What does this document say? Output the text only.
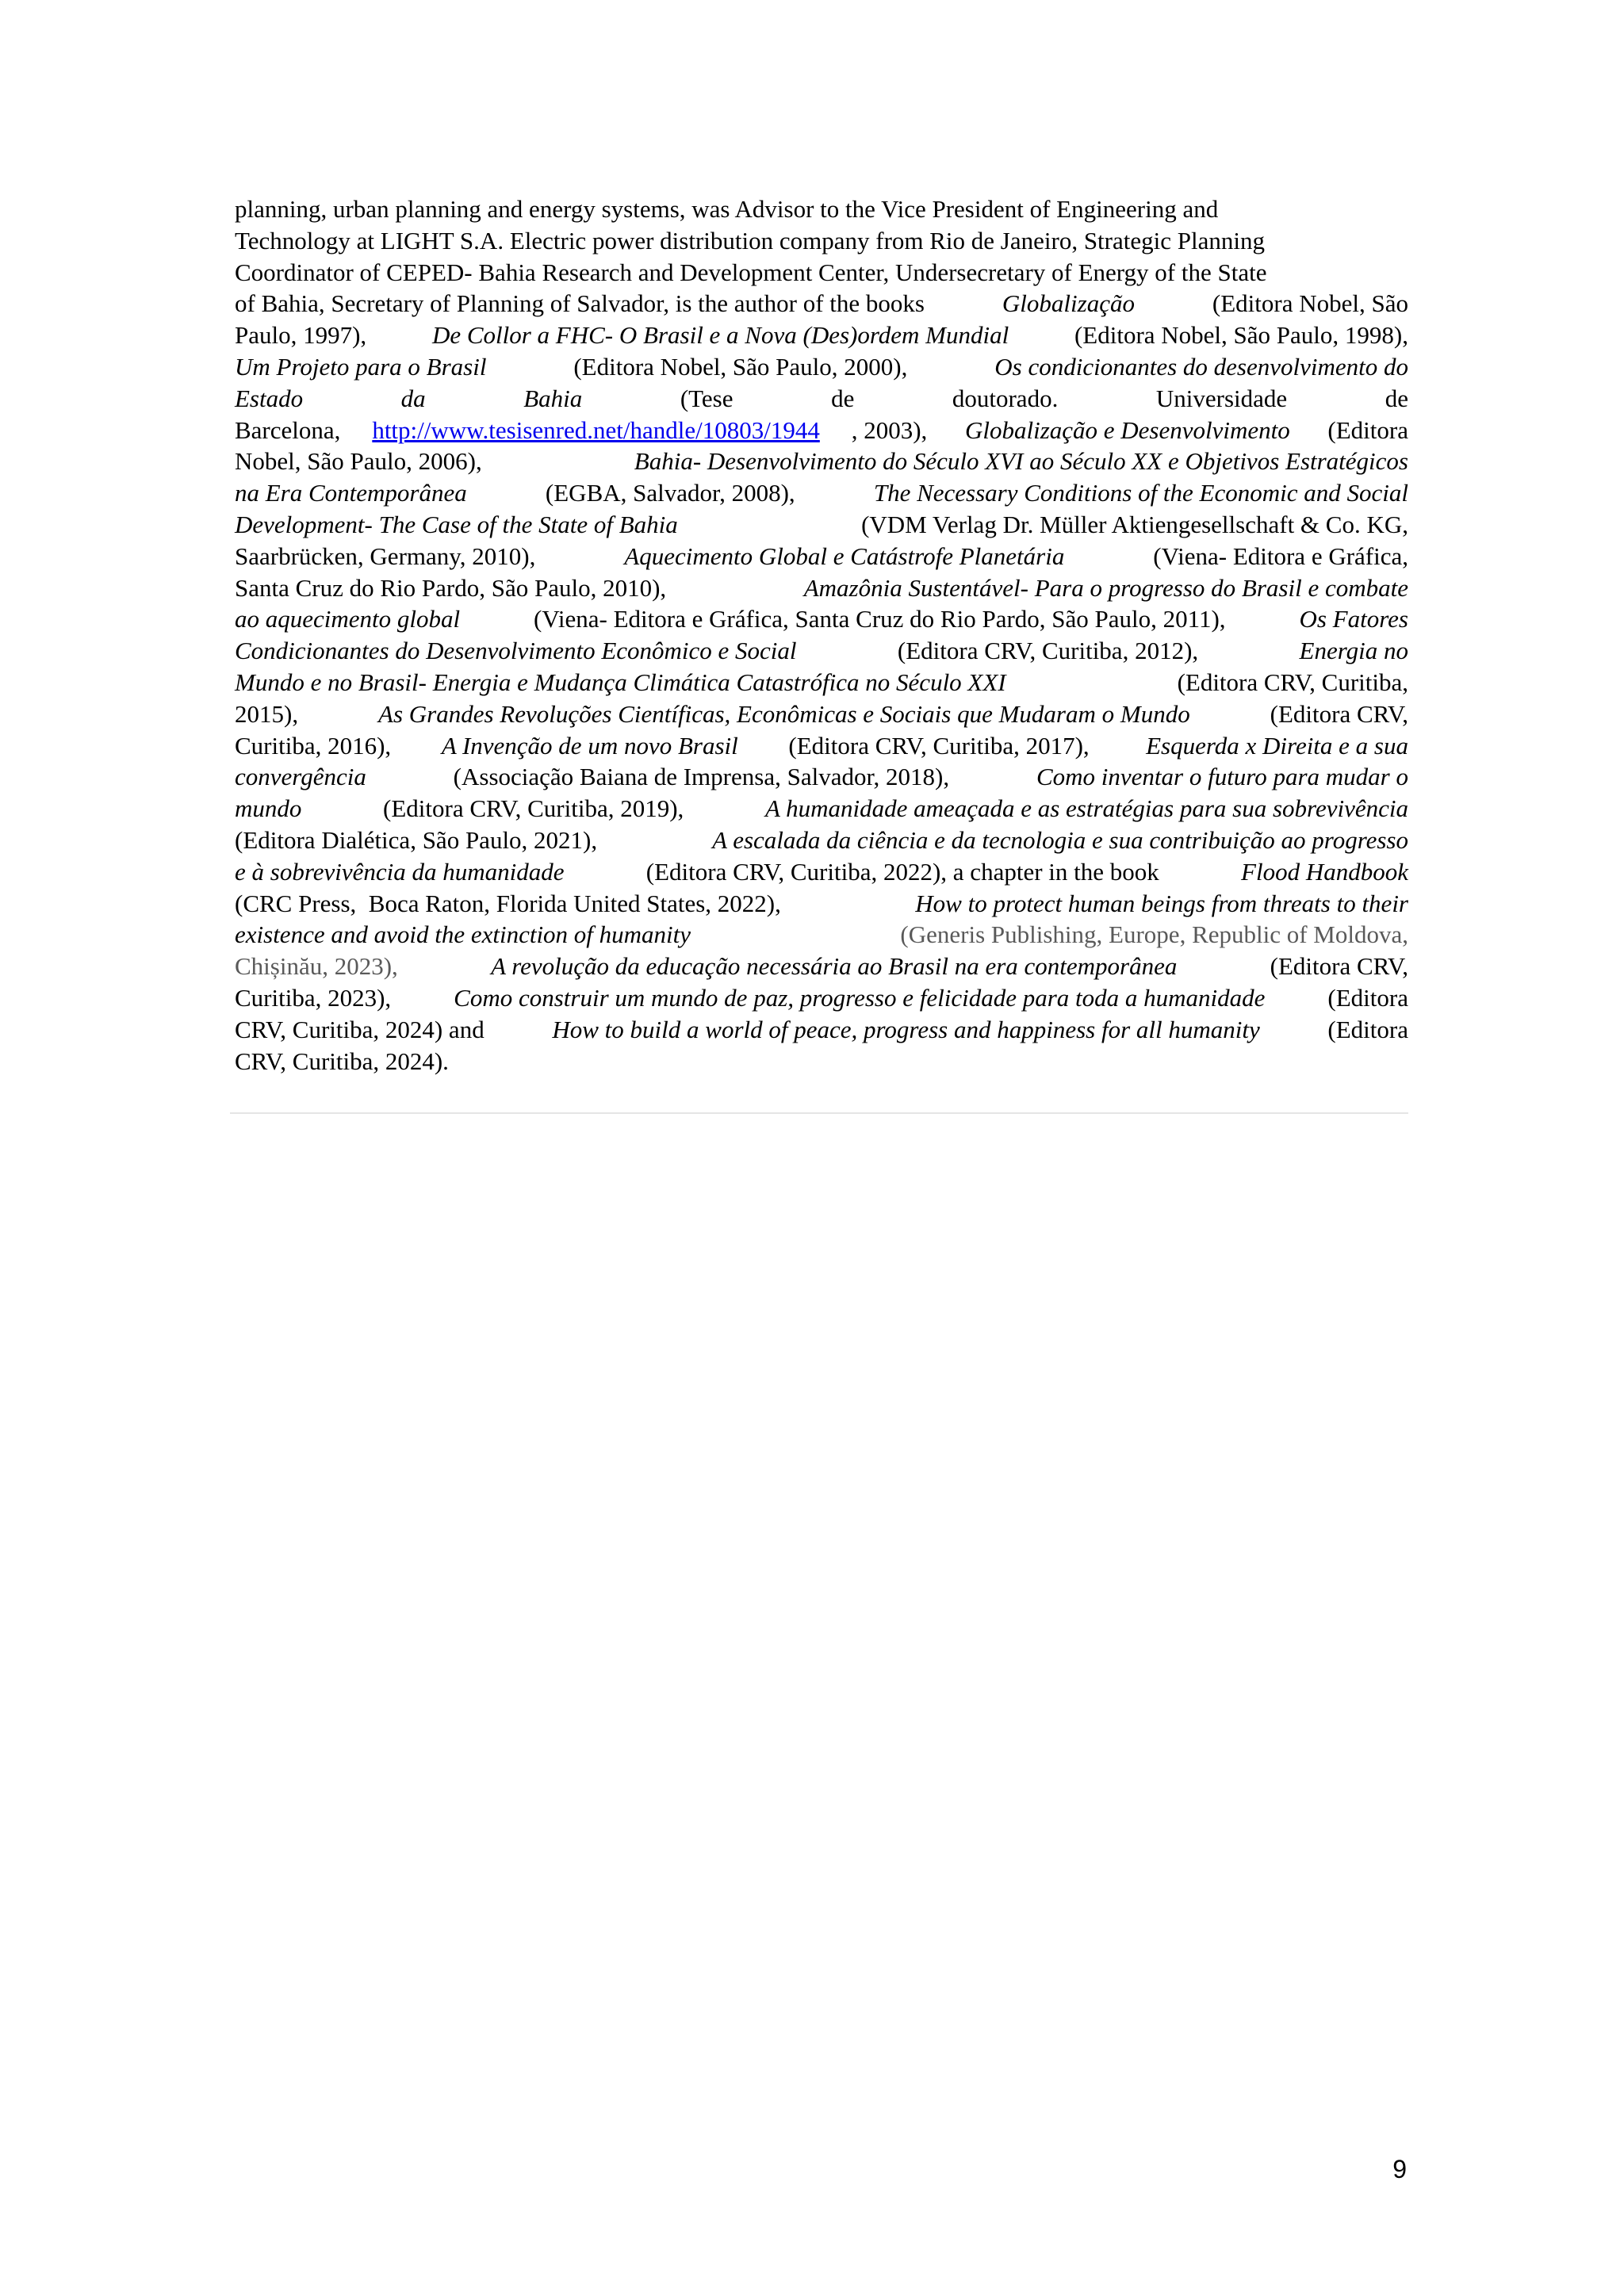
planning, urban planning and energy systems, was Advisor to the Vice President of Engineering and
Technology at LIGHT S.A. Electric power distribution company from Rio de Janeiro, Strategic Planning
Coordinator of CEPED- Bahia Research and Development Center, Undersecretary of Energy of the State
of Bahia, Secretary of Planning of Salvador, is the author of the books	Globalização	(Editora Nobel, São
Paulo, 1997), De Collor a FHC- O Brasil e a Nova (Des)ordem Mundial (Editora Nobel, São Paulo, 1998),
Um Projeto para o Brasil	(Editora Nobel, São Paulo, 2000),	Os condicionantes do desenvolvimento do
Estado	da	Bahia	(Tese	de	doutorado.	Universidade	de
Barcelona, http://www.tesisenred.net/handle/10803/1944 , 2003), Globalização e Desenvolvimento (Editora
Nobel, São Paulo, 2006),	Bahia- Desenvolvimento do Século XVI ao Século XX e Objetivos Estratégicos
na Era Contemporânea	(EGBA, Salvador, 2008),	The Necessary Conditions of the Economic and Social
Development- The Case of the State of Bahia	(VDM Verlag Dr. Müller Aktiengesellschaft & Co. KG,
Saarbrücken, Germany, 2010),	Aquecimento Global e Catástrofe Planetária	(Viena- Editora e Gráfica,
Santa Cruz do Rio Pardo, São Paulo, 2010),	Amazônia Sustentável- Para o progresso do Brasil e combate
ao aquecimento global	(Viena- Editora e Gráfica, Santa Cruz do Rio Pardo, São Paulo, 2011),	Os Fatores
Condicionantes do Desenvolvimento Econômico e Social	(Editora CRV, Curitiba, 2012),	Energia no
Mundo e no Brasil- Energia e Mudança Climática Catastrófica no Século XXI	(Editora CRV, Curitiba,
2015),	As Grandes Revoluções Científicas, Econômicas e Sociais que Mudaram o Mundo	(Editora CRV,
Curitiba, 2016), A Invenção de um novo Brasil (Editora CRV, Curitiba, 2017), Esquerda x Direita e a sua
convergência	(Associação Baiana de Imprensa, Salvador, 2018),	Como inventar o futuro para mudar o
mundo	(Editora CRV, Curitiba, 2019),	A humanidade ameaçada e as estratégias para sua sobrevivência
(Editora Dialética, São Paulo, 2021),	A escalada da ciência e da tecnologia e sua contribuição ao progresso
e à sobrevivência da humanidade	(Editora CRV, Curitiba, 2022), a chapter in the book	Flood Handbook
(CRC Press,  Boca Raton, Florida United States, 2022),	How to protect human beings from threats to their
existence and avoid the extinction of humanity	(Generis Publishing, Europe, Republic of Moldova,
Chișinău, 2023),	A revolução da educação necessária ao Brasil na era contemporânea	(Editora CRV,
Curitiba, 2023), Como construir um mundo de paz, progresso e felicidade para toda a humanidade (Editora
CRV, Curitiba, 2024) and	How to build a world of peace, progress and happiness for all humanity	(Editora
CRV, Curitiba, 2024).
9
